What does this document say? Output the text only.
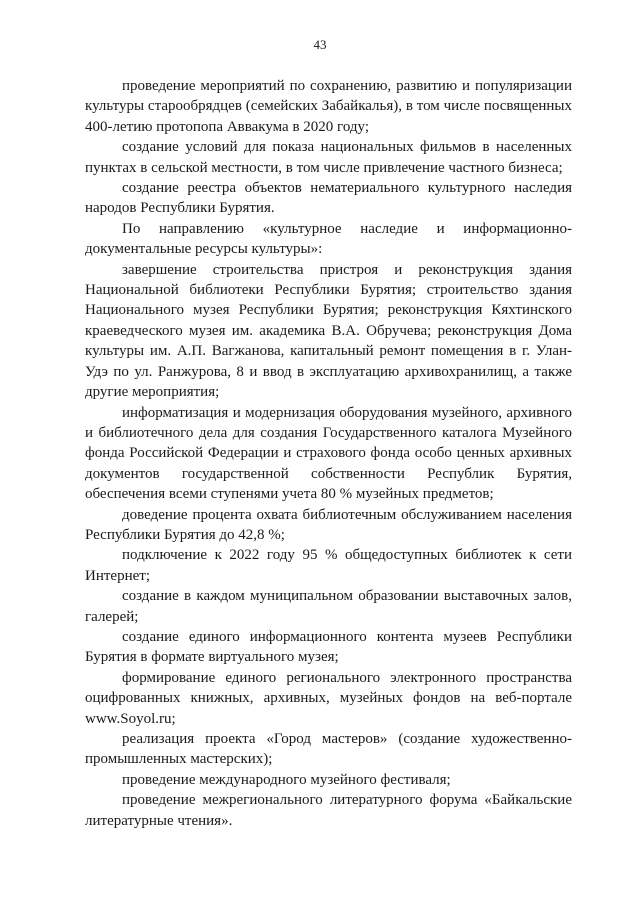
43

проведение мероприятий по сохранению, развитию и популяризации культуры старообрядцев (семейских Забайкалья), в том числе посвященных 400-летию протопопа Аввакума в 2020 году;

создание условий для показа национальных фильмов в населенных пунктах в сельской местности, в том числе привлечение частного бизнеса;

создание реестра объектов нематериального культурного наследия народов Республики Бурятия.

По направлению «культурное наследие и информационно-документальные ресурсы культуры»:

завершение строительства пристроя и реконструкция здания Национальной библиотеки Республики Бурятия; строительство здания Национального музея Республики Бурятия; реконструкция Кяхтинского краеведческого музея им. академика В.А. Обручева; реконструкция Дома культуры им. А.П. Вагжанова, капитальный ремонт помещения в г. Улан-Удэ по ул. Ранжурова, 8 и ввод в эксплуатацию архивохранилищ, а также другие мероприятия;

информатизация и модернизация оборудования музейного, архивного и библиотечного дела для создания Государственного каталога Музейного фонда Российской Федерации и страхового фонда особо ценных архивных документов государственной собственности Республик Бурятия, обеспечения всеми ступенями учета 80 % музейных предметов;

доведение процента охвата библиотечным обслуживанием населения Республики Бурятия до 42,8 %;

подключение к 2022 году 95 % общедоступных библиотек к сети Интернет;

создание в каждом муниципальном образовании выставочных залов, галерей;

создание единого информационного контента музеев Республики Бурятия в формате виртуального музея;

формирование единого регионального электронного пространства оцифрованных книжных, архивных, музейных фондов на веб-портале www.Soyol.ru;

реализация проекта «Город мастеров» (создание художественно-промышленных мастерских);

проведение международного музейного фестиваля;

проведение межрегионального литературного форума «Байкальские литературные чтения».
